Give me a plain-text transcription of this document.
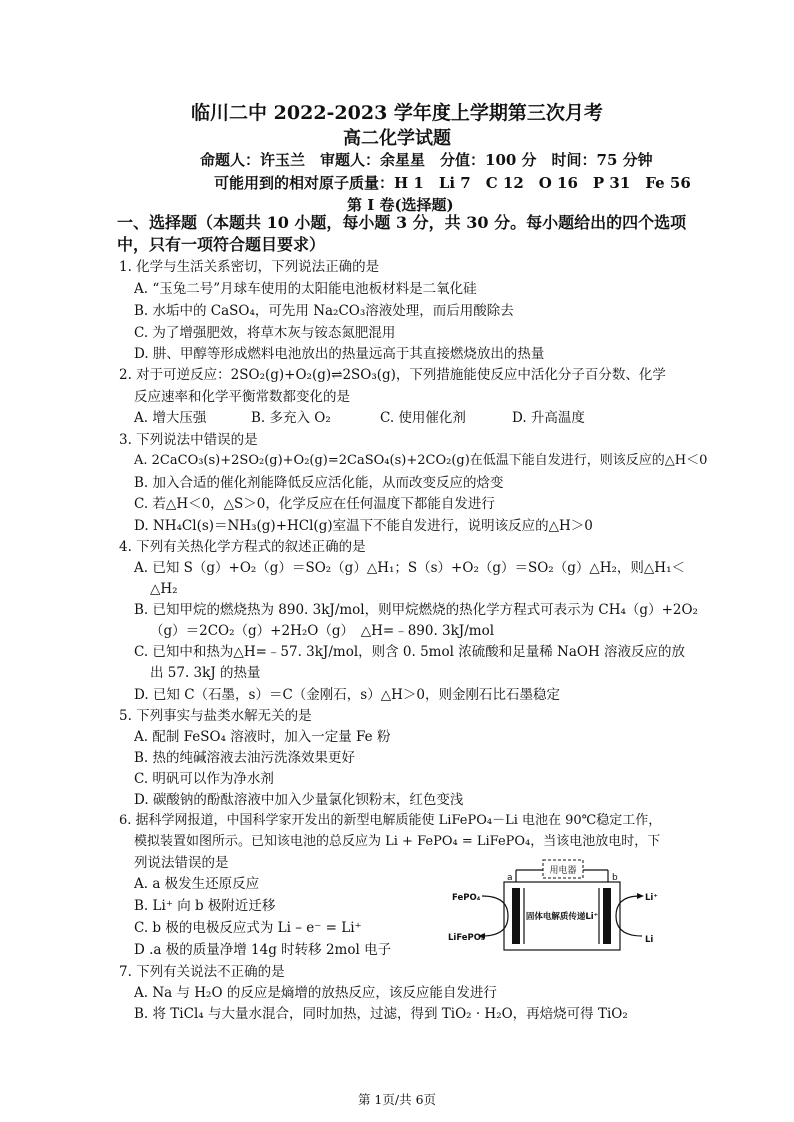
临川二中 2022-2023 学年度上学期第三次月考
高二化学试题
命题人：许玉兰　审题人：余星星　分值：100 分　时间：75 分钟
可能用到的相对原子质量：H 1　Li 7　C 12　O 16　P 31　Fe 56
第 I 卷(选择题)
一、选择题（本题共 10 小题，每小题 3 分，共 30 分。每小题给出的四个选项
中，只有一项符合题目要求）
1. 化学与生活关系密切，下列说法正确的是
A. “玉兔二号”月球车使用的太阳能电池板材料是二氧化硅
B. 水垢中的 CaSO₄，可先用 Na₂CO₃溶液处理，而后用酸除去
C. 为了增强肥效，将草木灰与铵态氮肥混用
D. 肼、甲醇等形成燃料电池放出的热量远高于其直接燃烧放出的热量
2. 对于可逆反应：2SO₂(g)+O₂(g)⇌2SO₃(g)，下列措施能使反应中活化分子百分数、化学
反应速率和化学平衡常数都变化的是
A. 增大压强	B. 多充入 O₂	C. 使用催化剂	D. 升高温度
3. 下列说法中错误的是
A. 2CaCO₃(s)+2SO₂(g)+O₂(g)=2CaSO₄(s)+2CO₂(g)在低温下能自发进行，则该反应的△H＜0
B. 加入合适的催化剂能降低反应活化能，从而改变反应的焓变
C. 若△H＜0，△S＞0，化学反应在任何温度下都能自发进行
D. NH₄Cl(s)＝NH₃(g)+HCl(g)室温下不能自发进行，说明该反应的△H＞0
4. 下列有关热化学方程式的叙述正确的是
A. 已知 S（g）+O₂（g）＝SO₂（g）△H₁；S（s）+O₂（g）＝SO₂（g）△H₂，则△H₁＜
△H₂
B. 已知甲烷的燃烧热为 890. 3kJ/mol，则甲烷燃烧的热化学方程式可表示为 CH₄（g）+2O₂
（g）＝2CO₂（g）+2H₂O（g）　△H=﹣890. 3kJ/mol
C. 已知中和热为△H=﹣57. 3kJ/mol，则含 0. 5mol 浓硫酸和足量稀 NaOH 溶液反应的放
出 57. 3kJ 的热量
D. 已知 C（石墨，s）＝C（金刚石，s）△H＞0，则金刚石比石墨稳定
5. 下列事实与盐类水解无关的是
A. 配制 FeSO₄ 溶液时，加入一定量 Fe 粉
B. 热的纯碱溶液去油污洗涤效果更好
C. 明矾可以作为净水剂
D. 碳酸钠的酚酞溶液中加入少量氯化钡粉末，红色变浅
6. 据科学网报道，中国科学家开发出的新型电解质能使 LiFePO₄－Li 电池在 90℃稳定工作，
模拟装置如图所示。已知该电池的总反应为 Li + FePO₄ = LiFePO₄，当该电池放电时，下
列说法错误的是
A. a 极发生还原反应
B. Li⁺ 向 b 极附近迁移
C. b 极的电极反应式为 Li – e⁻ = Li⁺
D .a 极的质量净增 14g 时转移 2mol 电子
用电器
a	b
固体电解质传递Li⁺
FePO₄
LiFePO₄
Li⁺
Li
7. 下列有关说法不正确的是
A. Na 与 H₂O 的反应是熵增的放热反应，该反应能自发进行
B. 将 TiCl₄ 与大量水混合，同时加热，过滤，得到 TiO₂ · H₂O，再焙烧可得 TiO₂
第 1页/共 6页
